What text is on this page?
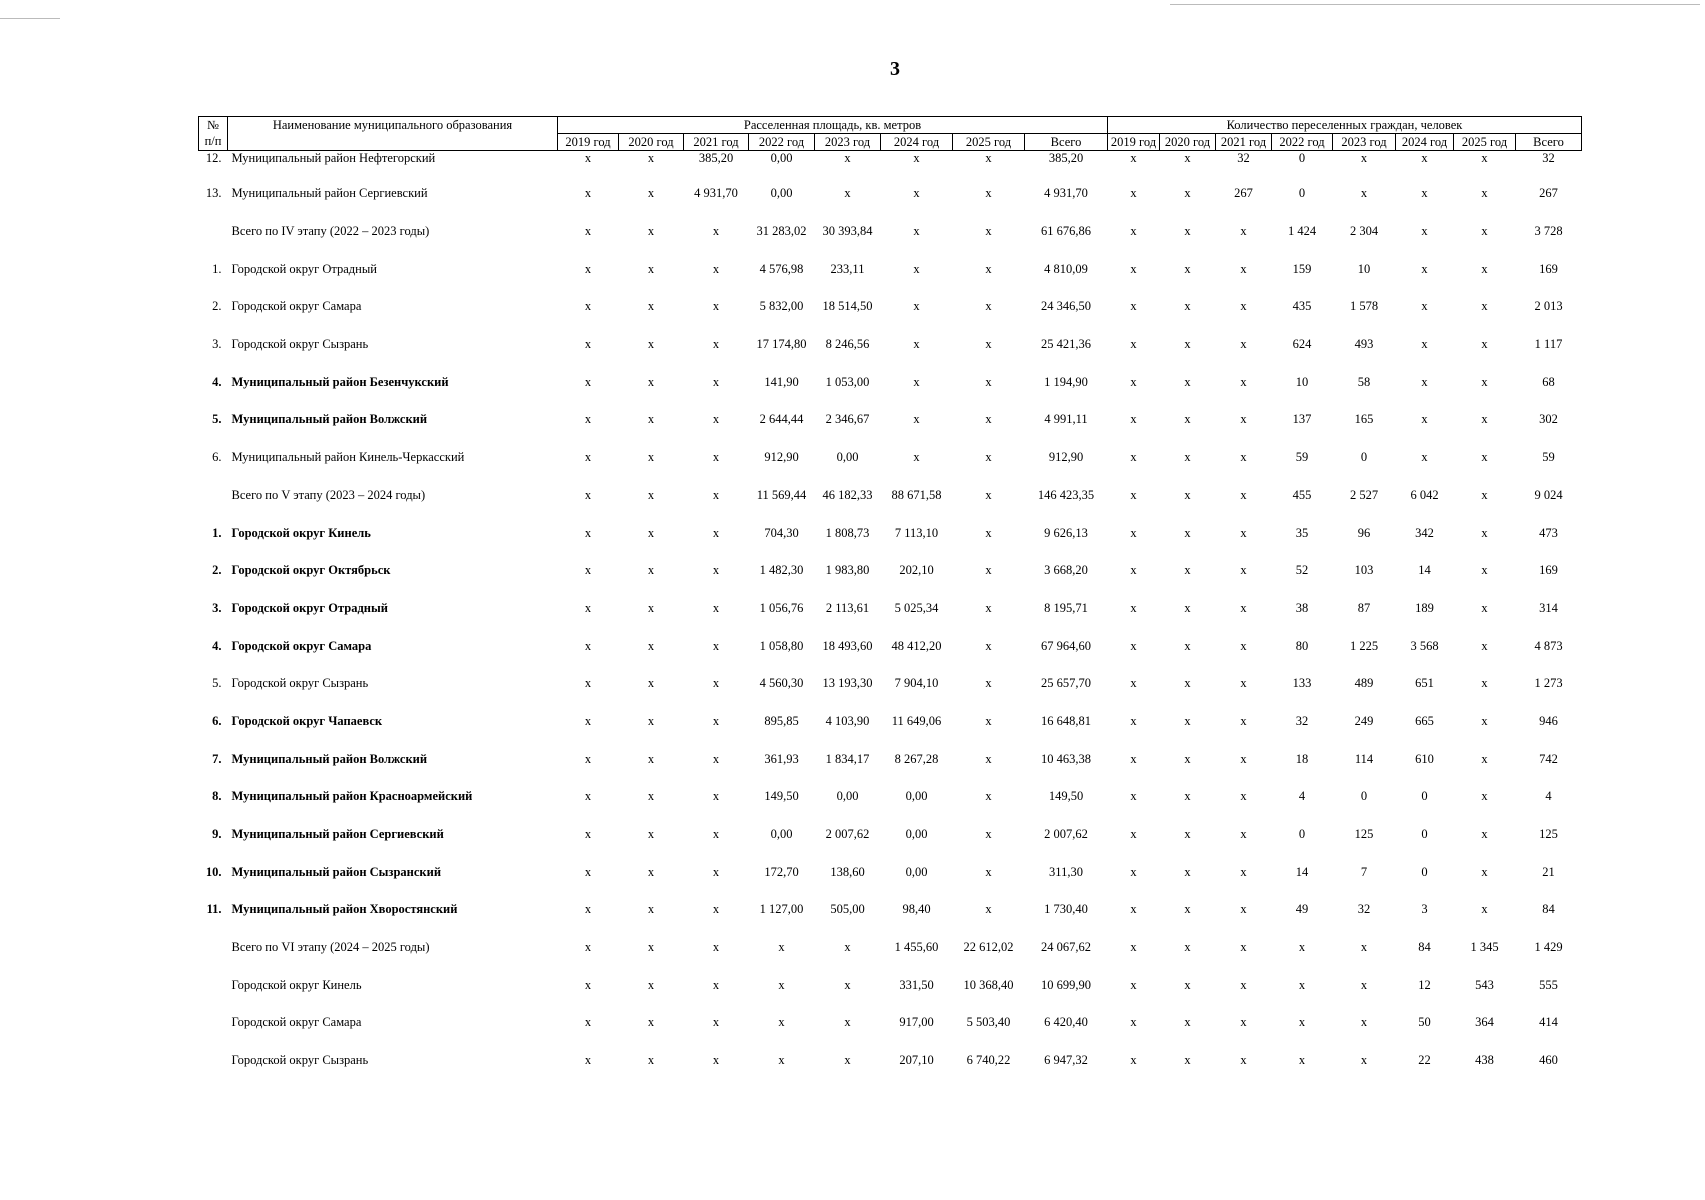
3
№ п/п	Наименование муниципального образования	Расселенная площадь, кв. метров								Количество переселенных граждан, человек							
		2019 год	2020 год	2021 год	2022 год	2023 год	2024 год	2025 год	Всего	2019 год	2020 год	2021 год	2022 год	2023 год	2024 год	2025 год	Всего
12.	Муниципальный район Нефтегорский	х	х	385,20	0,00	х	х	х	385,20	х	х	32	0	х	х	х	32
13.	Муниципальный район Сергиевский	х	х	4 931,70	0,00	х	х	х	4 931,70	х	х	267	0	х	х	х	267
	Всего по IV этапу (2022 – 2023 годы)	х	х	х	31 283,02	30 393,84	х	х	61 676,86	х	х	х	1 424	2 304	х	х	3 728
1.	Городской округ Отрадный	х	х	х	4 576,98	233,11	х	х	4 810,09	х	х	х	159	10	х	х	169
2.	Городской округ Самара	х	х	х	5 832,00	18 514,50	х	х	24 346,50	х	х	х	435	1 578	х	х	2 013
3.	Городской округ Сызрань	х	х	х	17 174,80	8 246,56	х	х	25 421,36	х	х	х	624	493	х	х	1 117
4.	Муниципальный район Безенчукский	х	х	х	141,90	1 053,00	х	х	1 194,90	х	х	х	10	58	х	х	68
5.	Муниципальный район Волжский	х	х	х	2 644,44	2 346,67	х	х	4 991,11	х	х	х	137	165	х	х	302
6.	Муниципальный район Кинель-Черкасский	х	х	х	912,90	0,00	х	х	912,90	х	х	х	59	0	х	х	59
	Всего по V этапу (2023 – 2024 годы)	х	х	х	11 569,44	46 182,33	88 671,58	х	146 423,35	х	х	х	455	2 527	6 042	х	9 024
1.	Городской округ Кинель	х	х	х	704,30	1 808,73	7 113,10	х	9 626,13	х	х	х	35	96	342	х	473
2.	Городской округ Октябрьск	х	х	х	1 482,30	1 983,80	202,10	х	3 668,20	х	х	х	52	103	14	х	169
3.	Городской округ Отрадный	х	х	х	1 056,76	2 113,61	5 025,34	х	8 195,71	х	х	х	38	87	189	х	314
4.	Городской округ Самара	х	х	х	1 058,80	18 493,60	48 412,20	х	67 964,60	х	х	х	80	1 225	3 568	х	4 873
5.	Городской округ Сызрань	х	х	х	4 560,30	13 193,30	7 904,10	х	25 657,70	х	х	х	133	489	651	х	1 273
6.	Городской округ Чапаевск	х	х	х	895,85	4 103,90	11 649,06	х	16 648,81	х	х	х	32	249	665	х	946
7.	Муниципальный район Волжский	х	х	х	361,93	1 834,17	8 267,28	х	10 463,38	х	х	х	18	114	610	х	742
8.	Муниципальный район Красноармейский	х	х	х	149,50	0,00	0,00	х	149,50	х	х	х	4	0	0	х	4
9.	Муниципальный район Сергиевский	х	х	х	0,00	2 007,62	0,00	х	2 007,62	х	х	х	0	125	0	х	125
10.	Муниципальный район Сызранский	х	х	х	172,70	138,60	0,00	х	311,30	х	х	х	14	7	0	х	21
11.	Муниципальный район Хворостянский	х	х	х	1 127,00	505,00	98,40	х	1 730,40	х	х	х	49	32	3	х	84
	Всего по VI этапу (2024 – 2025 годы)	х	х	х	х	х	1 455,60	22 612,02	24 067,62	х	х	х	х	х	84	1 345	1 429
	Городской округ Кинель	х	х	х	х	х	331,50	10 368,40	10 699,90	х	х	х	х	х	12	543	555
	Городской округ Самара	х	х	х	х	х	917,00	5 503,40	6 420,40	х	х	х	х	х	50	364	414
	Городской округ Сызрань	х	х	х	х	х	207,10	6 740,22	6 947,32	х	х	х	х	х	22	438	460
